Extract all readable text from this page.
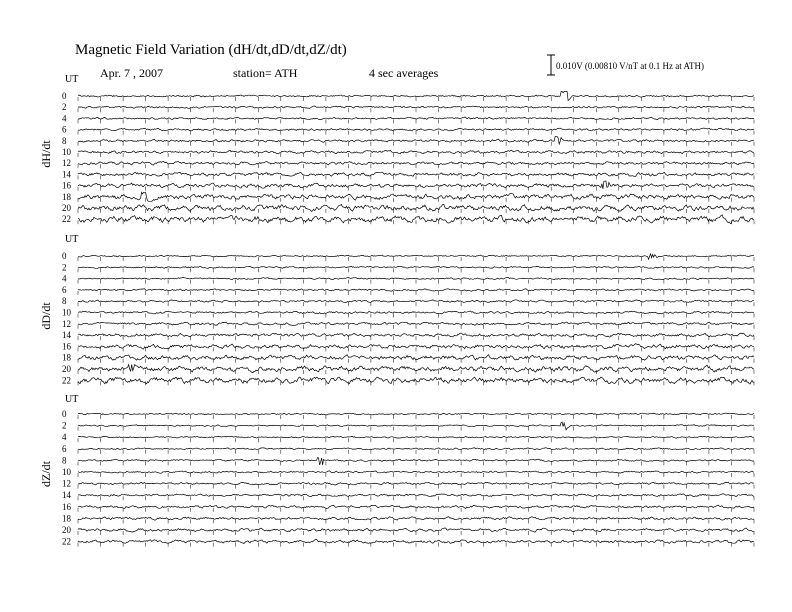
Magnetic Field Variation (dH/dt,dD/dt,dZ/dt)
Apr. 7 , 2007	station= ATH	4 sec averages	0.010V (0.00810 V/nT at 0.1 Hz at ATH)
UT
dH/dt
0
2
4
6
8
10
12
14
16
18
20
22
UT
dD/dt
0
2
4
6
8
10
12
14
16
18
20
22
UT
dZ/dt
0
2
4
6
8
10
12
14
16
18
20
22
